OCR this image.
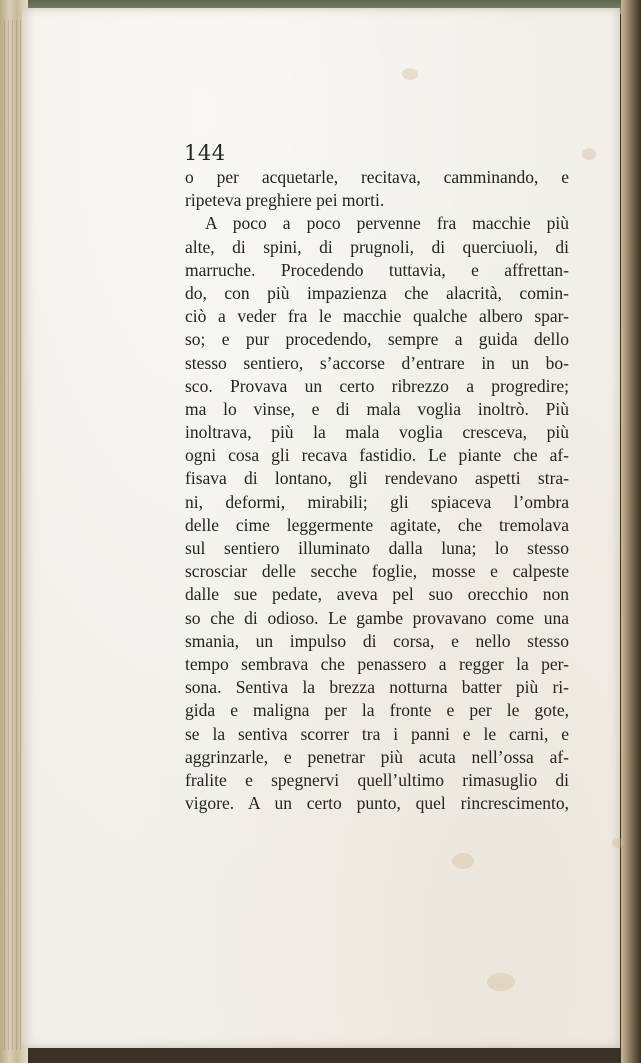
144

o per acquetarle, recitava, camminando, e
ripeteva preghiere pei morti.
A poco a poco pervenne fra macchie più
alte, di spini, di prugnoli, di querciuoli, di
marruche. Procedendo tuttavia, e affrettan-
do, con più impazienza che alacrità, comin-
ciò a veder fra le macchie qualche albero spar-
so; e pur procedendo, sempre a guida dello
stesso sentiero, s’accorse d’entrare in un bo-
sco. Provava un certo ribrezzo a progredire;
ma lo vinse, e di mala voglia inoltrò. Più
inoltrava, più la mala voglia cresceva, più
ogni cosa gli recava fastidio. Le piante che af-
fisava di lontano, gli rendevano aspetti stra-
ni, deformi, mirabili; gli spiaceva l’ombra
delle cime leggermente agitate, che tremolava
sul sentiero illuminato dalla luna; lo stesso
scrosciar delle secche foglie, mosse e calpeste
dalle sue pedate, aveva pel suo orecchio non
so che di odioso. Le gambe provavano come una
smania, un impulso di corsa, e nello stesso
tempo sembrava che penassero a regger la per-
sona. Sentiva la brezza notturna batter più ri-
gida e maligna per la fronte e per le gote,
se la sentiva scorrer tra i panni e le carni, e
aggrinzarle, e penetrar più acuta nell’ossa af-
fralite e spegnervi quell’ultimo rimasuglio di
vigore. A un certo punto, quel rincrescimento,
